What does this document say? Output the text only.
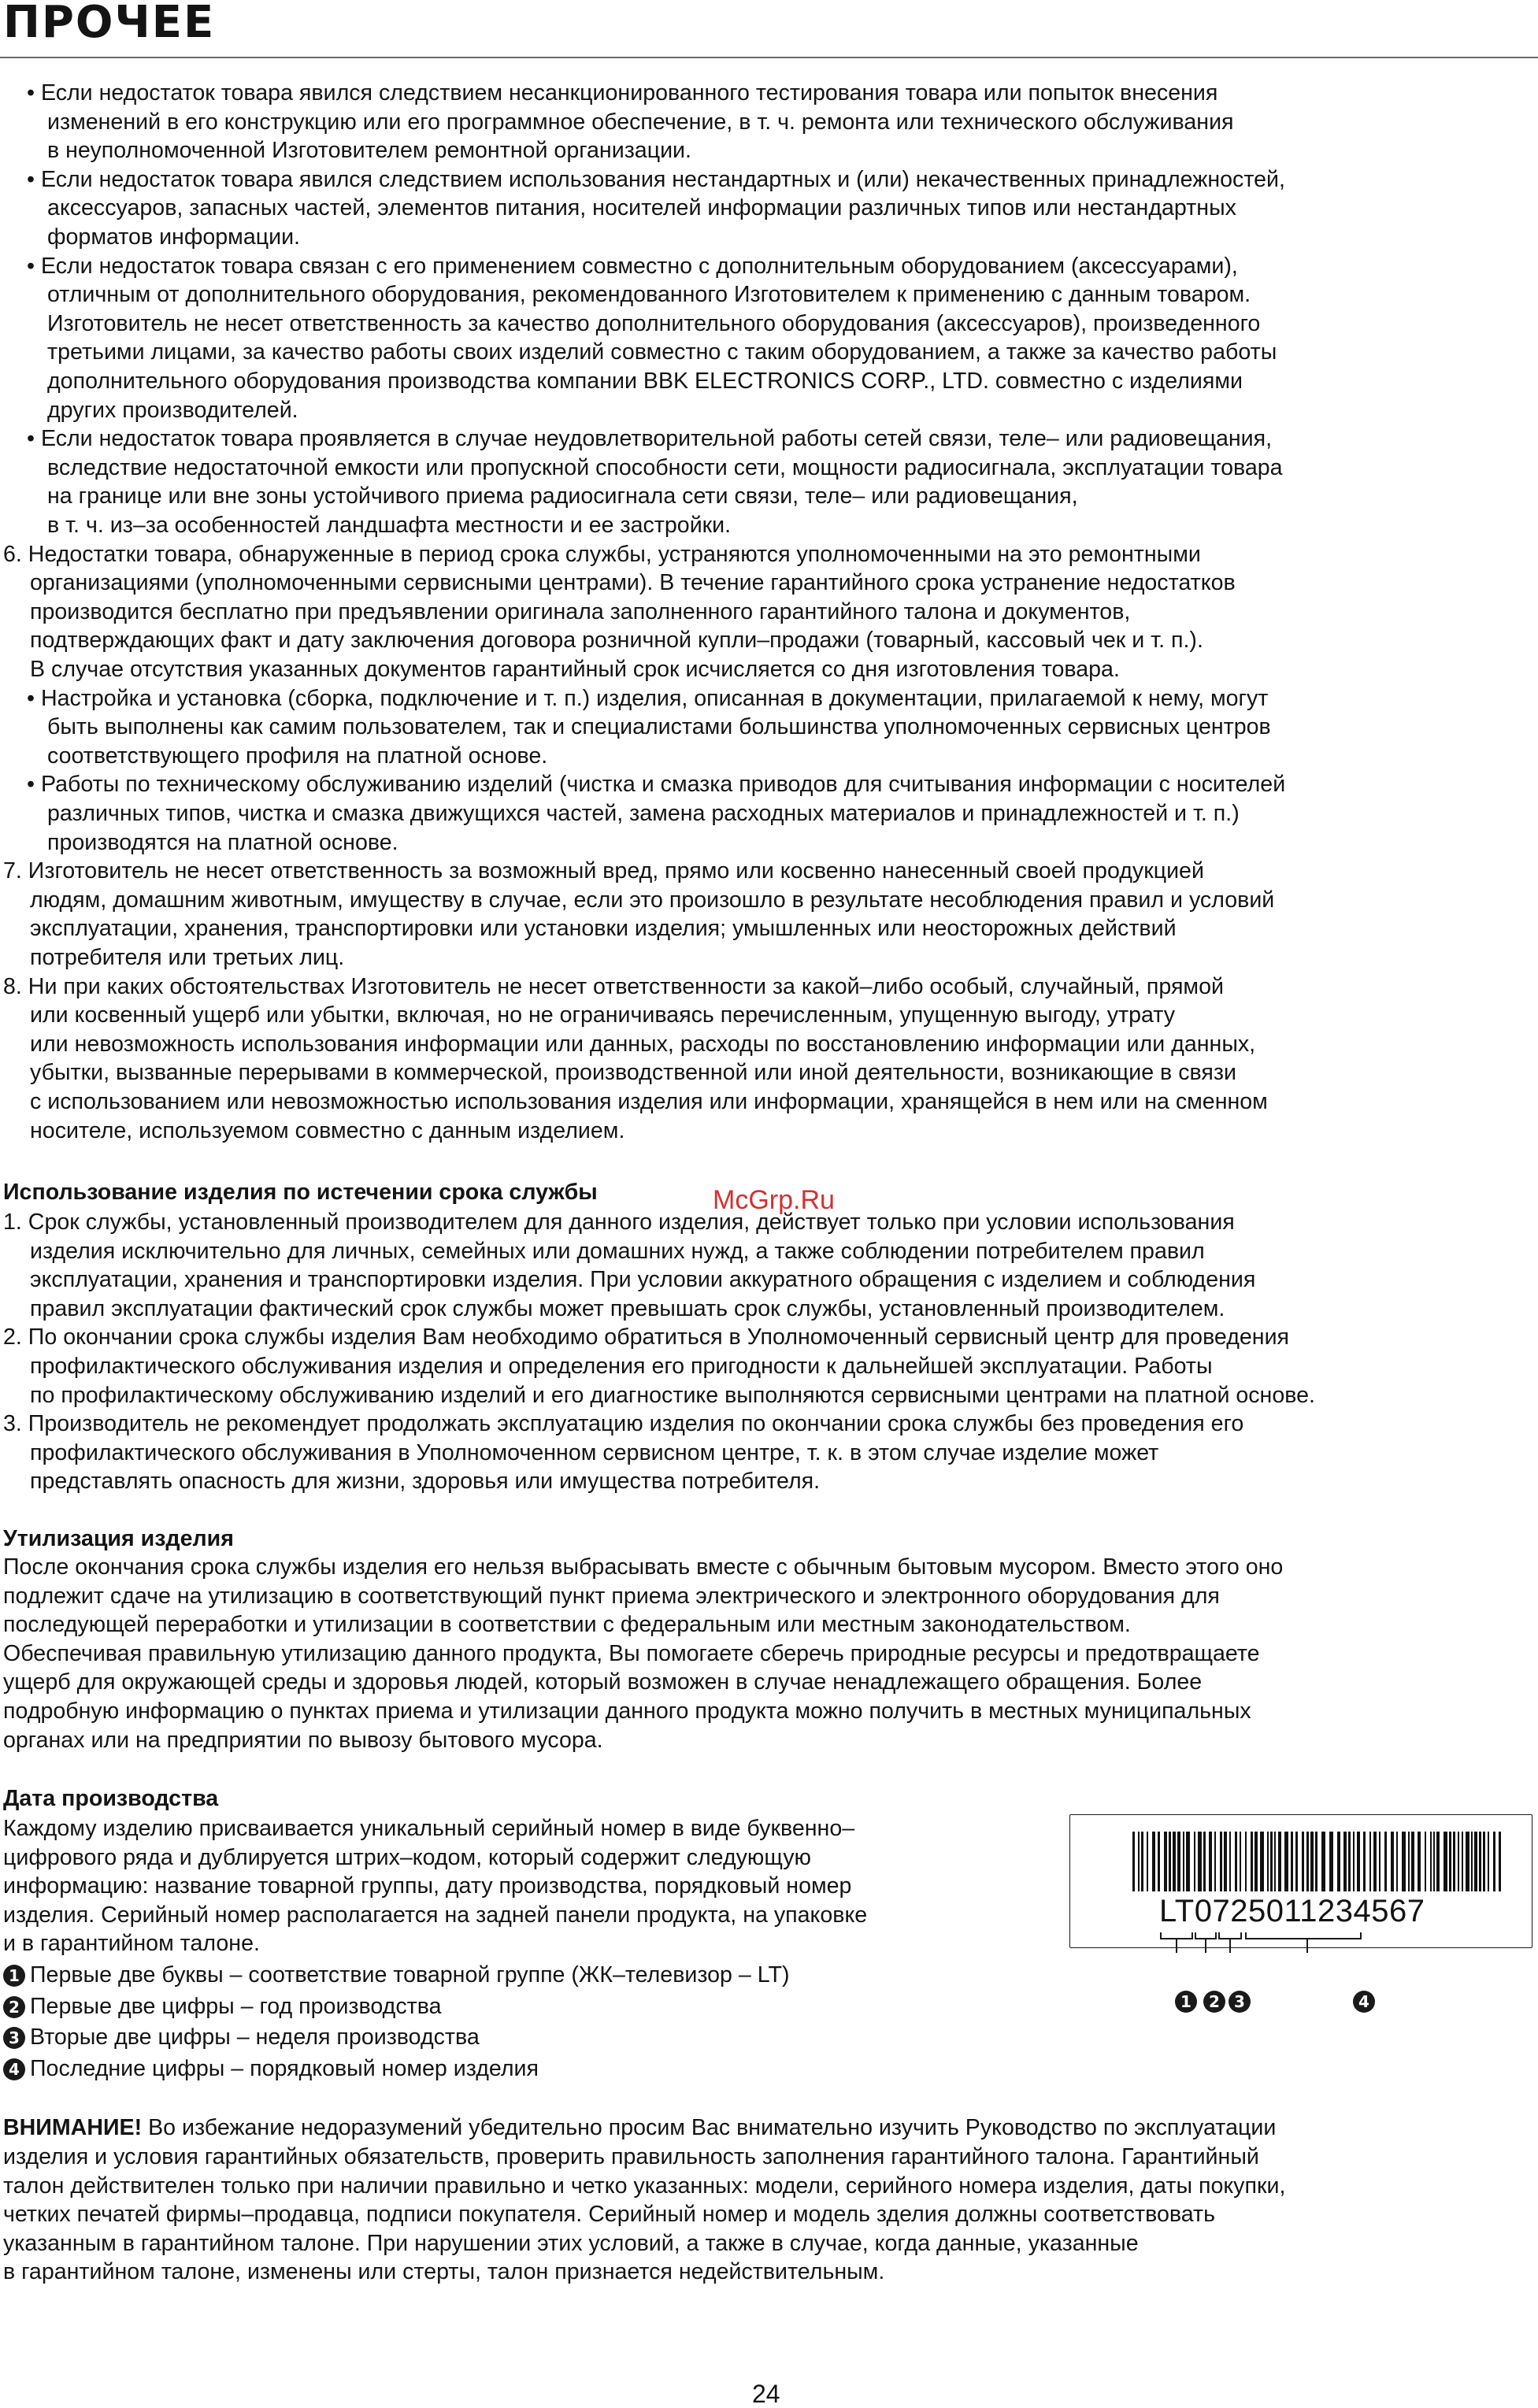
ПРОЧЕЕ
• Если недостаток товара явился следствием несанкционированного тестирования товара или попыток внесения
изменений в его конструкцию или его программное обеспечение, в т. ч. ремонта или технического обслуживания
в неуполномоченной Изготовителем ремонтной организации.
• Если недостаток товара явился следствием использования нестандартных и (или) некачественных принадлежностей,
аксессуаров, запасных частей, элементов питания, носителей информации различных типов или нестандартных
форматов информации.
• Если недостаток товара связан с его применением совместно с дополнительным оборудованием (аксессуарами),
отличным от дополнительного оборудования, рекомендованного Изготовителем к применению с данным товаром.
Изготовитель не несет ответственность за качество дополнительного оборудования (аксессуаров), произведенного
третьими лицами, за качество работы своих изделий совместно с таким оборудованием, а также за качество работы
дополнительного оборудования производства компании BBK ELECTRONICS CORP., LTD. совместно с изделиями
других производителей.
• Если недостаток товара проявляется в случае неудовлетворительной работы сетей связи, теле– или радиовещания,
вследствие недостаточной емкости или пропускной способности сети, мощности радиосигнала, эксплуатации товара
на границе или вне зоны устойчивого приема радиосигнала сети связи, теле– или радиовещания,
в т. ч. из–за особенностей ландшафта местности и ее застройки.
6. Недостатки товара, обнаруженные в период срока службы, устраняются уполномоченными на это ремонтными
организациями (уполномоченными сервисными центрами). В течение гарантийного срока устранение недостатков
производится бесплатно при предъявлении оригинала заполненного гарантийного талона и документов,
подтверждающих факт и дату заключения договора розничной купли–продажи (товарный, кассовый чек и т. п.).
В случае отсутствия указанных документов гарантийный срок исчисляется со дня изготовления товара.
• Настройка и установка (сборка, подключение и т. п.) изделия, описанная в документации, прилагаемой к нему, могут
быть выполнены как самим пользователем, так и специалистами большинства уполномоченных сервисных центров
соответствующего профиля на платной основе.
• Работы по техническому обслуживанию изделий (чистка и смазка приводов для считывания информации с носителей
различных типов, чистка и смазка движущихся частей, замена расходных материалов и принадлежностей и т. п.)
производятся на платной основе.
7. Изготовитель не несет ответственность за возможный вред, прямо или косвенно нанесенный своей продукцией
людям, домашним животным, имуществу в случае, если это произошло в результате несоблюдения правил и условий
эксплуатации, хранения, транспортировки или установки изделия; умышленных или неосторожных действий
потребителя или третьих лиц.
8. Ни при каких обстоятельствах Изготовитель не несет ответственности за какой–либо особый, случайный, прямой
или косвенный ущерб или убытки, включая, но не ограничиваясь перечисленным, упущенную выгоду, утрату
или невозможность использования информации или данных, расходы по восстановлению информации или данных,
убытки, вызванные перерывами в коммерческой, производственной или иной деятельности, возникающие в связи
с использованием или невозможностью использования изделия или информации, хранящейся в нем или на сменном
носителе, используемом совместно с данным изделием.
Использование изделия по истечении срока службы
1. Срок службы, установленный производителем для данного изделия, действует только при условии использования
изделия исключительно для личных, семейных или домашних нужд, а также соблюдении потребителем правил
эксплуатации, хранения и транспортировки изделия. При условии аккуратного обращения с изделием и соблюдения
правил эксплуатации фактический срок службы может превышать срок службы, установленный производителем.
2. По окончании срока службы изделия Вам необходимо обратиться в Уполномоченный сервисный центр для проведения
профилактического обслуживания изделия и определения его пригодности к дальнейшей эксплуатации. Работы
по профилактическому обслуживанию изделий и его диагностике выполняются сервисными центрами на платной основе.
3. Производитель не рекомендует продолжать эксплуатацию изделия по окончании срока службы без проведения его
профилактического обслуживания в Уполномоченном сервисном центре, т. к. в этом случае изделие может
представлять опасность для жизни, здоровья или имущества потребителя.
McGrp.Ru
Утилизация изделия
После окончания срока службы изделия его нельзя выбрасывать вместе с обычным бытовым мусором. Вместо этого оно
подлежит сдаче на утилизацию в соответствующий пункт приема электрического и электронного оборудования для
последующей переработки и утилизации в соответствии с федеральным или местным законодательством.
Обеспечивая правильную утилизацию данного продукта, Вы помогаете сберечь природные ресурсы и предотвращаете
ущерб для окружающей среды и здоровья людей, который возможен в случае ненадлежащего обращения. Более
подробную информацию о пунктах приема и утилизации данного продукта можно получить в местных муниципальных
органах или на предприятии по вывозу бытового мусора.
Дата производства
Каждому изделию присваивается уникальный серийный номер в виде буквенно–
цифрового ряда и дублируется штрих–кодом, который содержит следующую
информацию: название товарной группы, дату производства, порядковый номер
изделия. Серийный номер располагается на задней панели продукта, на упаковке
и в гарантийном талоне.
1 Первые две буквы – соответствие товарной группе (ЖК–телевизор – LT)
2 Первые две цифры – год производства
3 Вторые две цифры – неделя производства
4 Последние цифры – порядковый номер изделия
LT0725011234567
1	2 3	4
ВНИМАНИЕ! Во избежание недоразумений убедительно просим Вас внимательно изучить Руководство по эксплуатации
изделия и условия гарантийных обязательств, проверить правильность заполнения гарантийного талона. Гарантийный
талон действителен только при наличии правильно и четко указанных: модели, серийного номера изделия, даты покупки,
четких печатей фирмы–продавца, подписи покупателя. Серийный номер и модель зделия должны соответствовать
указанным в гарантийном талоне. При нарушении этих условий, а также в случае, когда данные, указанные
в гарантийном талоне, изменены или стерты, талон признается недействительным.
24
